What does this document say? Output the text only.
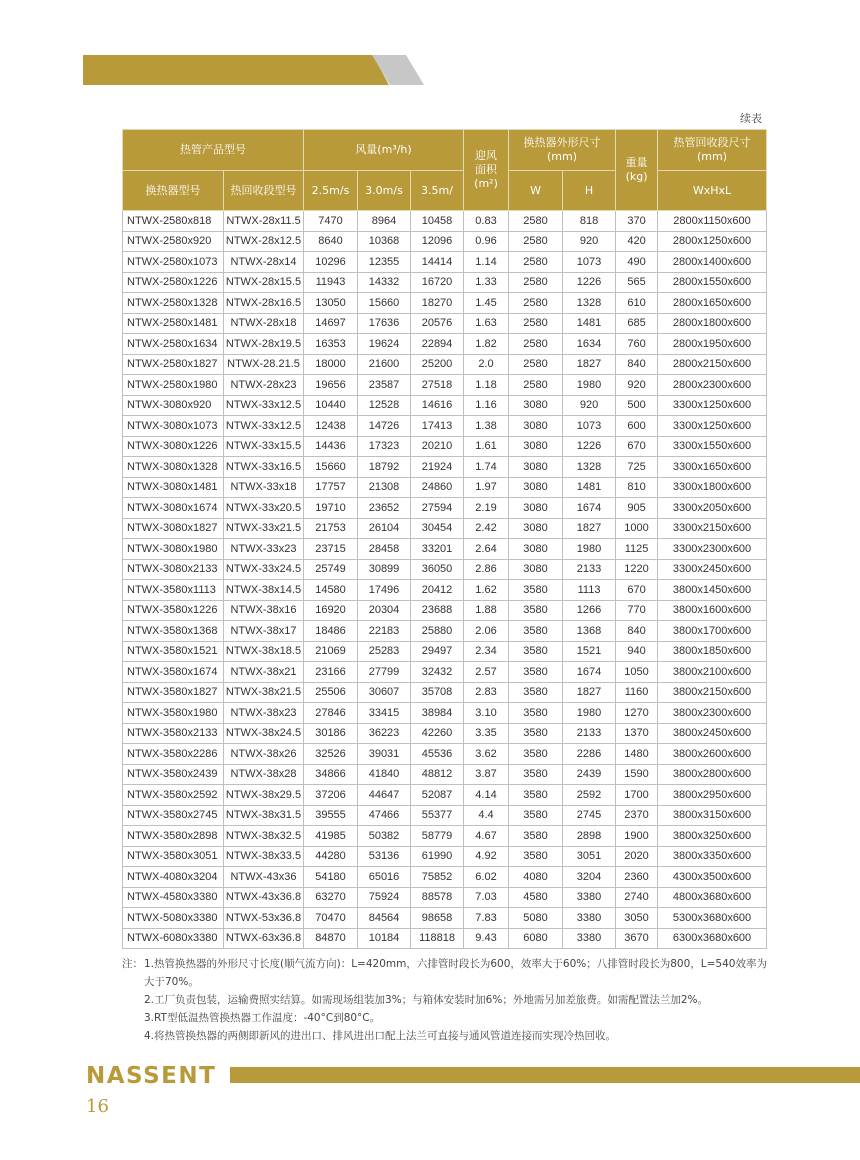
续表
热管产品型号		风量(m³/h)			迎风面积(m²)	换热器外形尺寸(mm)		重量(kg)	热管回收段尺寸(mm)
换热器型号	热回收段型号	2.5m/s	3.0m/s	3.5m/		W	H		WxHxL
NTWX-2580x818	NTWX-28x11.5	7470	8964	10458	0.83	2580	818	370	2800x1150x600
NTWX-2580x920	NTWX-28x12.5	8640	10368	12096	0.96	2580	920	420	2800x1250x600
NTWX-2580x1073	NTWX-28x14	10296	12355	14414	1.14	2580	1073	490	2800x1400x600
NTWX-2580x1226	NTWX-28x15.5	11943	14332	16720	1.33	2580	1226	565	2800x1550x600
NTWX-2580x1328	NTWX-28x16.5	13050	15660	18270	1.45	2580	1328	610	2800x1650x600
NTWX-2580x1481	NTWX-28x18	14697	17636	20576	1.63	2580	1481	685	2800x1800x600
NTWX-2580x1634	NTWX-28x19.5	16353	19624	22894	1.82	2580	1634	760	2800x1950x600
NTWX-2580x1827	NTWX-28.21.5	18000	21600	25200	2.0	2580	1827	840	2800x2150x600
NTWX-2580x1980	NTWX-28x23	19656	23587	27518	1.18	2580	1980	920	2800x2300x600
NTWX-3080x920	NTWX-33x12.5	10440	12528	14616	1.16	3080	920	500	3300x1250x600
NTWX-3080x1073	NTWX-33x12.5	12438	14726	17413	1.38	3080	1073	600	3300x1250x600
NTWX-3080x1226	NTWX-33x15.5	14436	17323	20210	1.61	3080	1226	670	3300x1550x600
NTWX-3080x1328	NTWX-33x16.5	15660	18792	21924	1.74	3080	1328	725	3300x1650x600
NTWX-3080x1481	NTWX-33x18	17757	21308	24860	1.97	3080	1481	810	3300x1800x600
NTWX-3080x1674	NTWX-33x20.5	19710	23652	27594	2.19	3080	1674	905	3300x2050x600
NTWX-3080x1827	NTWX-33x21.5	21753	26104	30454	2.42	3080	1827	1000	3300x2150x600
NTWX-3080x1980	NTWX-33x23	23715	28458	33201	2.64	3080	1980	1125	3300x2300x600
NTWX-3080x2133	NTWX-33x24.5	25749	30899	36050	2.86	3080	2133	1220	3300x2450x600
NTWX-3580x1113	NTWX-38x14.5	14580	17496	20412	1.62	3580	1113	670	3800x1450x600
NTWX-3580x1226	NTWX-38x16	16920	20304	23688	1.88	3580	1266	770	3800x1600x600
NTWX-3580x1368	NTWX-38x17	18486	22183	25880	2.06	3580	1368	840	3800x1700x600
NTWX-3580x1521	NTWX-38x18.5	21069	25283	29497	2.34	3580	1521	940	3800x1850x600
NTWX-3580x1674	NTWX-38x21	23166	27799	32432	2.57	3580	1674	1050	3800x2100x600
NTWX-3580x1827	NTWX-38x21.5	25506	30607	35708	2.83	3580	1827	1160	3800x2150x600
NTWX-3580x1980	NTWX-38x23	27846	33415	38984	3.10	3580	1980	1270	3800x2300x600
NTWX-3580x2133	NTWX-38x24.5	30186	36223	42260	3.35	3580	2133	1370	3800x2450x600
NTWX-3580x2286	NTWX-38x26	32526	39031	45536	3.62	3580	2286	1480	3800x2600x600
NTWX-3580x2439	NTWX-38x28	34866	41840	48812	3.87	3580	2439	1590	3800x2800x600
NTWX-3580x2592	NTWX-38x29.5	37206	44647	52087	4.14	3580	2592	1700	3800x2950x600
NTWX-3580x2745	NTWX-38x31.5	39555	47466	55377	4.4	3580	2745	2370	3800x3150x600
NTWX-3580x2898	NTWX-38x32.5	41985	50382	58779	4.67	3580	2898	1900	3800x3250x600
NTWX-3580x3051	NTWX-38x33.5	44280	53136	61990	4.92	3580	3051	2020	3800x3350x600
NTWX-4080x3204	NTWX-43x36	54180	65016	75852	6.02	4080	3204	2360	4300x3500x600
NTWX-4580x3380	NTWX-43x36.8	63270	75924	88578	7.03	4580	3380	2740	4800x3680x600
NTWX-5080x3380	NTWX-53x36.8	70470	84564	98658	7.83	5080	3380	3050	5300x3680x600
NTWX-6080x3380	NTWX-63x36.8	84870	10184	118818	9.43	6080	3380	3670	6300x3680x600
注： 1.热管换热器的外形尺寸长度(顺气流方向)：L=420mm，六排管时段长为600，效率大于60%；八排管时段长为800，L=540效率为大于70%。
2.工厂负责包装，运输费照实结算。如需现场组装加3%；与箱体安装时加6%；外地需另加差旅费。如需配置法兰加2%。
3.RT型低温热管换热器工作温度：-40°C到80°C。
4.将热管换热器的两侧即新风的进出口、排风进出口配上法兰可直接与通风管道连接而实现冷热回收。
NASSENT
16
